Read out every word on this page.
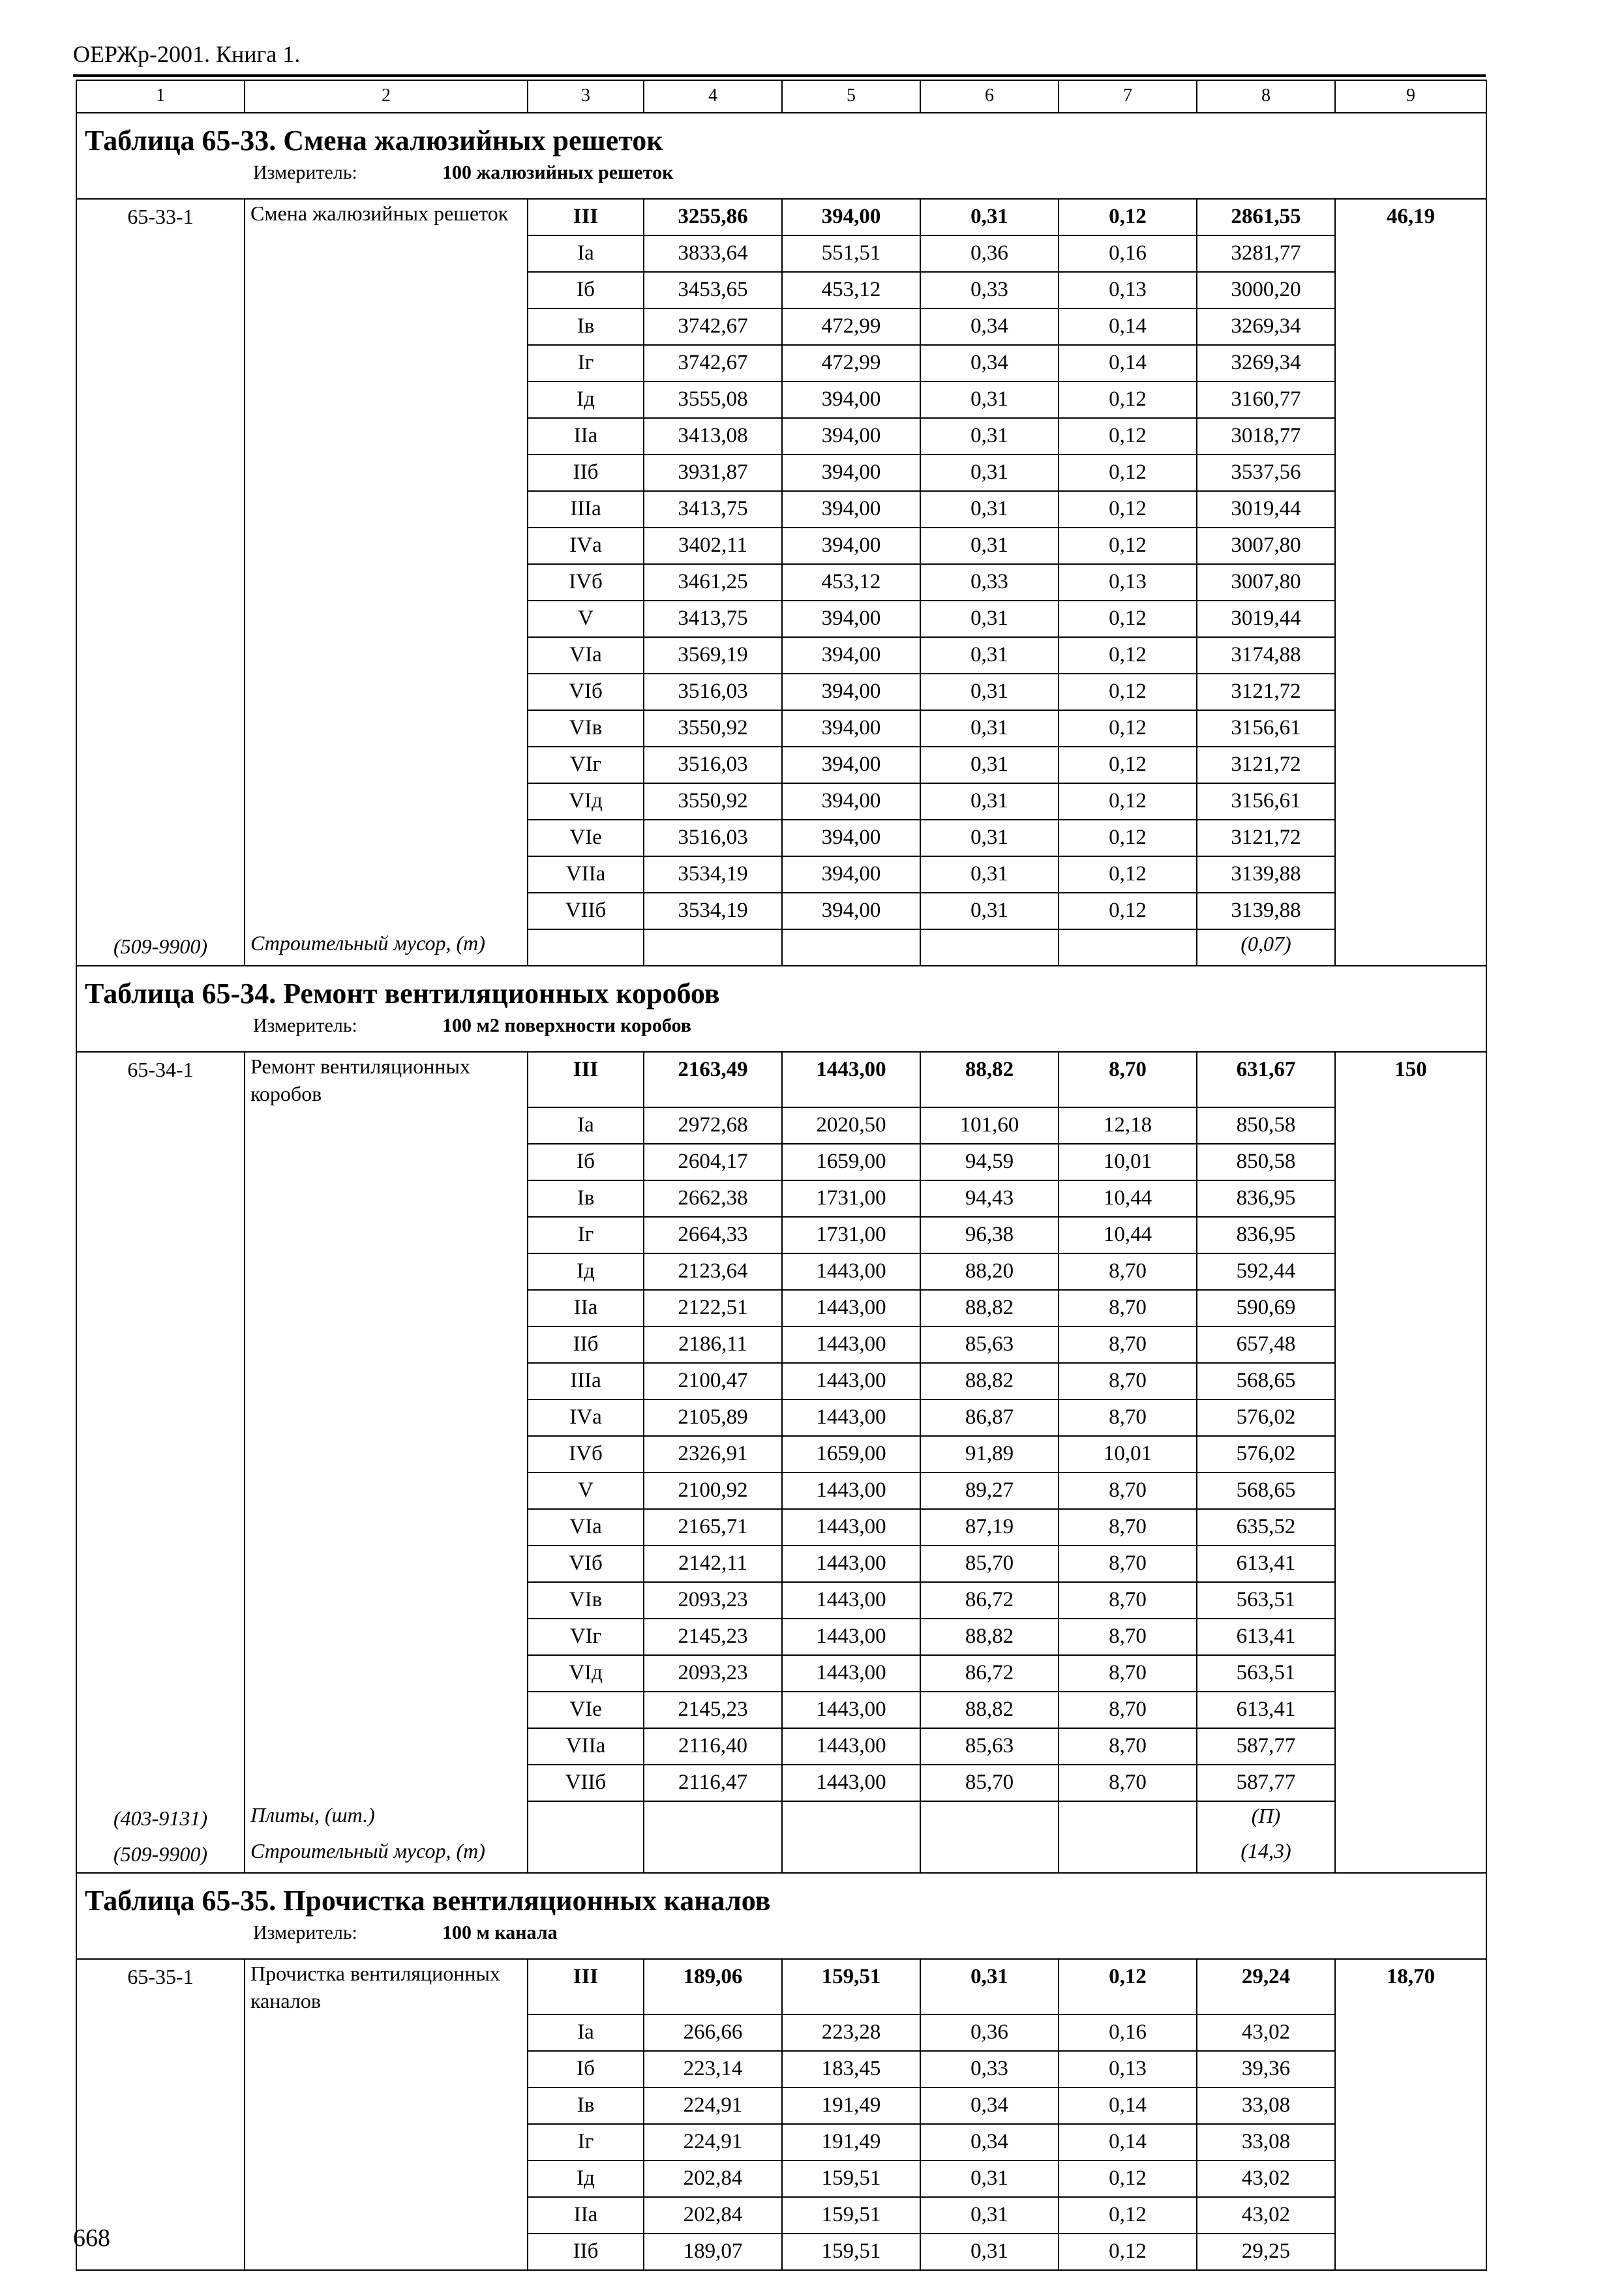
ОЕРЖр-2001. Книга 1.
1	2	3	4	5	6	7	8	9

Таблица 65-33. Смена жалюзийных решеток
Измеритель: 100 жалюзийных решеток								

65-33-1	Смена жалюзийных решеток	III	3255,86	394,00	0,31	0,12	2861,55	46,19
		Iа	3833,64	551,51	0,36	0,16	3281,77	
		Iб	3453,65	453,12	0,33	0,13	3000,20	
		Iв	3742,67	472,99	0,34	0,14	3269,34	
		Iг	3742,67	472,99	0,34	0,14	3269,34	
		Iд	3555,08	394,00	0,31	0,12	3160,77	
		IIа	3413,08	394,00	0,31	0,12	3018,77	
		IIб	3931,87	394,00	0,31	0,12	3537,56	
		IIIа	3413,75	394,00	0,31	0,12	3019,44	
		IVа	3402,11	394,00	0,31	0,12	3007,80	
		IVб	3461,25	453,12	0,33	0,13	3007,80	
		V	3413,75	394,00	0,31	0,12	3019,44	
		VIа	3569,19	394,00	0,31	0,12	3174,88	
		VIб	3516,03	394,00	0,31	0,12	3121,72	
		VIв	3550,92	394,00	0,31	0,12	3156,61	
		VIг	3516,03	394,00	0,31	0,12	3121,72	
		VIд	3550,92	394,00	0,31	0,12	3156,61	
		VIе	3516,03	394,00	0,31	0,12	3121,72	
		VIIа	3534,19	394,00	0,31	0,12	3139,88	
		VIIб	3534,19	394,00	0,31	0,12	3139,88	
(509-9900)	Строительный мусор, (т)						(0,07)	

Таблица 65-34. Ремонт вентиляционных коробов
Измеритель: 100 м2 поверхности коробов								

65-34-1	Ремонт вентиляционных коробов	III	2163,49	1443,00	88,82	8,70	631,67	150
		Iа	2972,68	2020,50	101,60	12,18	850,58	
		Iб	2604,17	1659,00	94,59	10,01	850,58	
		Iв	2662,38	1731,00	94,43	10,44	836,95	
		Iг	2664,33	1731,00	96,38	10,44	836,95	
		Iд	2123,64	1443,00	88,20	8,70	592,44	
		IIа	2122,51	1443,00	88,82	8,70	590,69	
		IIб	2186,11	1443,00	85,63	8,70	657,48	
		IIIа	2100,47	1443,00	88,82	8,70	568,65	
		IVа	2105,89	1443,00	86,87	8,70	576,02	
		IVб	2326,91	1659,00	91,89	10,01	576,02	
		V	2100,92	1443,00	89,27	8,70	568,65	
		VIа	2165,71	1443,00	87,19	8,70	635,52	
		VIб	2142,11	1443,00	85,70	8,70	613,41	
		VIв	2093,23	1443,00	86,72	8,70	563,51	
		VIг	2145,23	1443,00	88,82	8,70	613,41	
		VIд	2093,23	1443,00	86,72	8,70	563,51	
		VIе	2145,23	1443,00	88,82	8,70	613,41	
		VIIа	2116,40	1443,00	85,63	8,70	587,77	
		VIIб	2116,47	1443,00	85,70	8,70	587,77	
(403-9131)	Плиты, (шт.)						(П)	
(509-9900)	Строительный мусор, (т)						(14,3)	

Таблица 65-35. Прочистка вентиляционных каналов
Измеритель: 100 м канала								

65-35-1	Прочистка вентиляционных каналов	III	189,06	159,51	0,31	0,12	29,24	18,70
		Iа	266,66	223,28	0,36	0,16	43,02	
		Iб	223,14	183,45	0,33	0,13	39,36	
		Iв	224,91	191,49	0,34	0,14	33,08	
		Iг	224,91	191,49	0,34	0,14	33,08	
		Iд	202,84	159,51	0,31	0,12	43,02	
		IIа	202,84	159,51	0,31	0,12	43,02	
		IIб	189,07	159,51	0,31	0,12	29,25	
668
